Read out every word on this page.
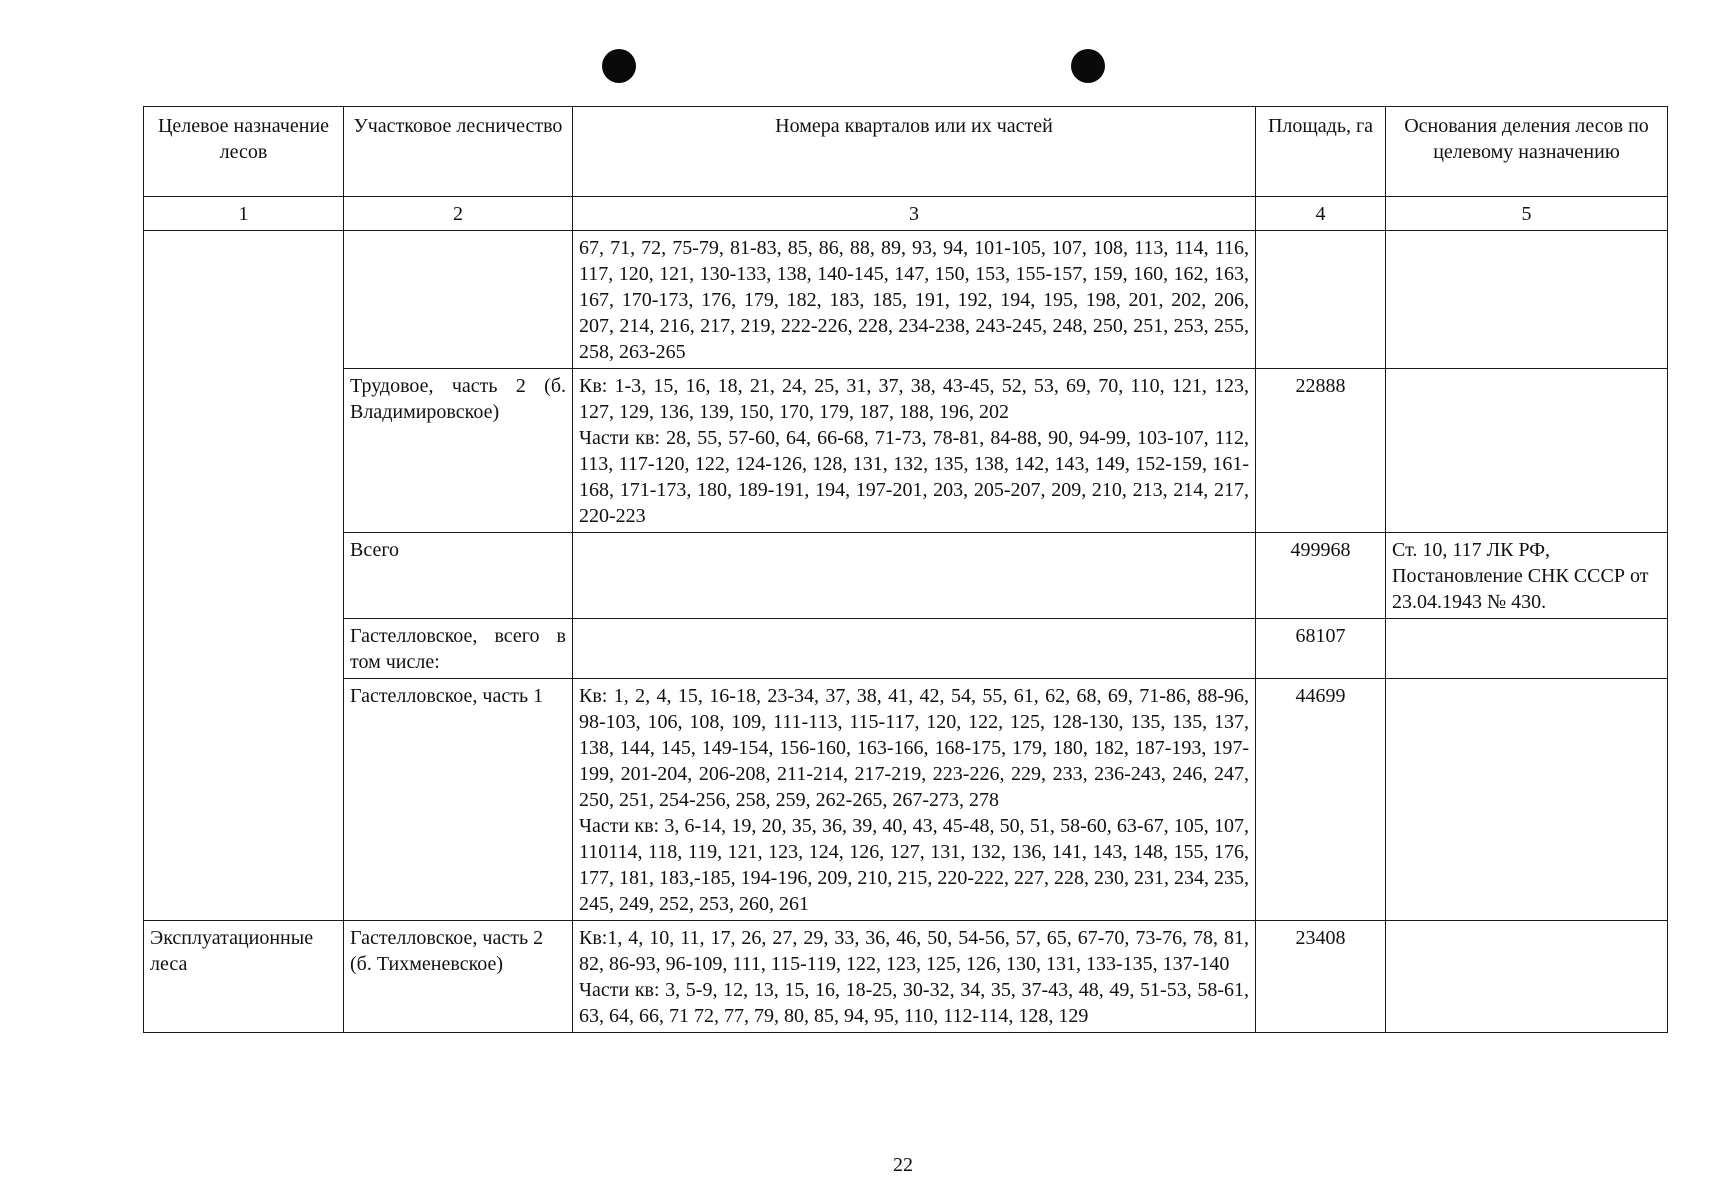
Целевое назначение лесов	Участковое лесничество	Номера кварталов или их частей	Площадь, га	Основания деления лесов по целевому назначению
1	2	3	4	5

		67, 71, 72, 75-79, 81-83, 85, 86, 88, 89, 93, 94, 101-105, 107, 108, 113, 114, 116, 117, 120, 121, 130-133, 138, 140-145, 147, 150, 153, 155-157, 159, 160, 162, 163, 167, 170-173, 176, 179, 182, 183, 185, 191, 192, 194, 195, 198, 201, 202, 206, 207, 214, 216, 217, 219, 222-226, 228, 234-238, 243-245, 248, 250, 251, 253, 255, 258, 263-265		

	Трудовое, часть 2 (б. Владимировское)	Кв: 1-3, 15, 16, 18, 21, 24, 25, 31, 37, 38, 43-45, 52, 53, 69, 70, 110, 121, 123, 127, 129, 136, 139, 150, 170, 179, 187, 188, 196, 202
Части кв: 28, 55, 57-60, 64, 66-68, 71-73, 78-81, 84-88, 90, 94-99, 103-107, 112, 113, 117-120, 122, 124-126, 128, 131, 132, 135, 138, 142, 143, 149, 152-159, 161-168, 171-173, 180, 189-191, 194, 197-201, 203, 205-207, 209, 210, 213, 214, 217, 220-223	22888	
	Всего		499968	Ст. 10, 117 ЛК РФ, Постановление СНК СССР от 23.04.1943 № 430.
	Гастелловское, всего в том числе:		68107	
	Гастелловское, часть 1	Кв: 1, 2, 4, 15, 16-18, 23-34, 37, 38, 41, 42, 54, 55, 61, 62, 68, 69, 71-86, 88-96, 98-103, 106, 108, 109, 111-113, 115-117, 120, 122, 125, 128-130, 135, 135, 137, 138, 144, 145, 149-154, 156-160, 163-166, 168-175, 179, 180, 182, 187-193, 197-199, 201-204, 206-208, 211-214, 217-219, 223-226, 229, 233, 236-243, 246, 247, 250, 251, 254-256, 258, 259, 262-265, 267-273, 278
Части кв: 3, 6-14, 19, 20, 35, 36, 39, 40, 43, 45-48, 50, 51, 58-60, 63-67, 105, 107, 110114, 118, 119, 121, 123, 124, 126, 127, 131, 132, 136, 141, 143, 148, 155, 176, 177, 181, 183,-185, 194-196, 209, 210, 215, 220-222, 227, 228, 230, 231, 234, 235, 245, 249, 252, 253, 260, 261	44699	
Эксплуатационные леса	Гастелловское, часть 2 (б. Тихменевское)	Кв:1, 4, 10, 11, 17, 26, 27, 29, 33, 36, 46, 50, 54-56, 57, 65, 67-70, 73-76, 78, 81, 82, 86-93, 96-109, 111, 115-119, 122, 123, 125, 126, 130, 131, 133-135, 137-140
Части кв: 3, 5-9, 12, 13, 15, 16, 18-25, 30-32, 34, 35, 37-43, 48, 49, 51-53, 58-61, 63, 64, 66, 71 72, 77, 79, 80, 85, 94, 95, 110, 112-114, 128, 129	23408	
22
